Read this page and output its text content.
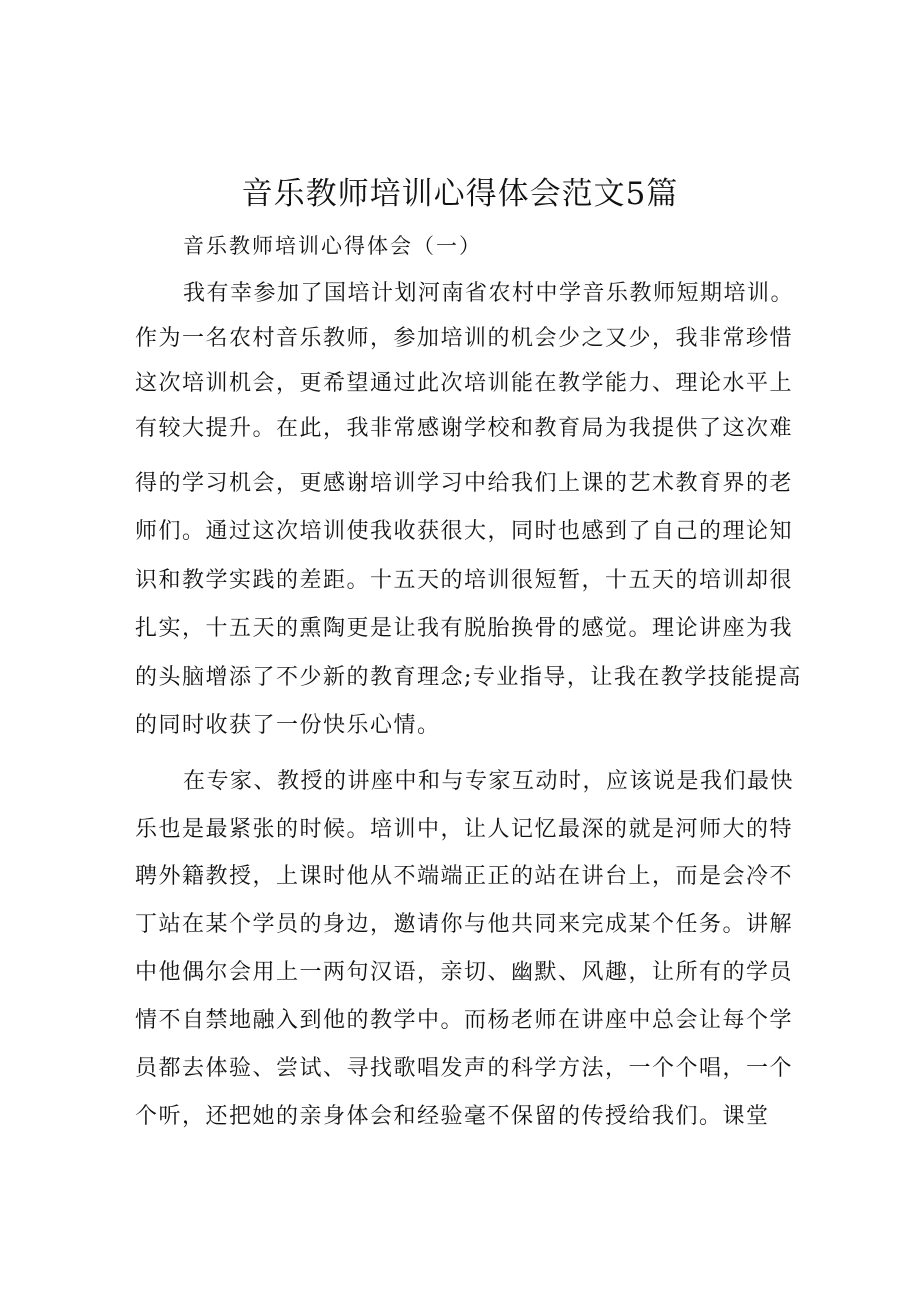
音乐教师培训心得体会范文5篇
音乐教师培训心得体会（一）
我有幸参加了国培计划河南省农村中学音乐教师短期培训。
作为一名农村音乐教师，参加培训的机会少之又少，我非常珍惜
这次培训机会，更希望通过此次培训能在教学能力、理论水平上
有较大提升。在此，我非常感谢学校和教育局为我提供了这次难
得的学习机会，更感谢培训学习中给我们上课的艺术教育界的老
师们。通过这次培训使我收获很大，同时也感到了自己的理论知
识和教学实践的差距。十五天的培训很短暂，十五天的培训却很
扎实，十五天的熏陶更是让我有脱胎换骨的感觉。理论讲座为我
的头脑增添了不少新的教育理念;专业指导，让我在教学技能提高
的同时收获了一份快乐心情。
在专家、教授的讲座中和与专家互动时，应该说是我们最快
乐也是最紧张的时候。培训中，让人记忆最深的就是河师大的特
聘外籍教授，上课时他从不端端正正的站在讲台上，而是会冷不
丁站在某个学员的身边，邀请你与他共同来完成某个任务。讲解
中他偶尔会用上一两句汉语，亲切、幽默、风趣，让所有的学员
情不自禁地融入到他的教学中。而杨老师在讲座中总会让每个学
员都去体验、尝试、寻找歌唱发声的科学方法，一个个唱，一个
个听，还把她的亲身体会和经验毫不保留的传授给我们。课堂
